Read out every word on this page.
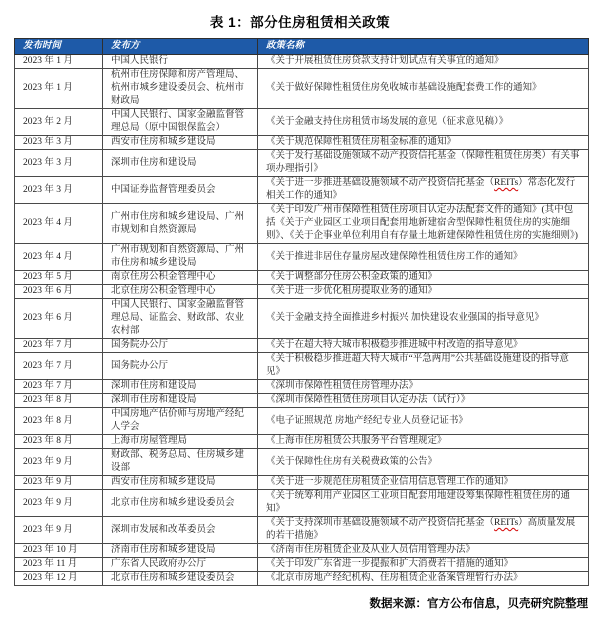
表 1：部分住房租赁相关政策
发布时间	发布方	政策名称
2023 年 1 月	中国人民银行	《关于开展租赁住房贷款支持计划试点有关事宜的通知》
2023 年 1 月	杭州市住房保障和房产管理局、杭州市城乡建设委员会、杭州市财政局	《关于做好保障性租赁住房免收城市基础设施配套费工作的通知》
2023 年 2 月	中国人民银行、国家金融监督管理总局（原中国银保监会）	《关于金融支持住房租赁市场发展的意见（征求意见稿）》
2023 年 3 月	西安市住房和城乡建设局	《关于规范保障性租赁住房租金标准的通知》
2023 年 3 月	深圳市住房和建设局	《关于发行基础设施领域不动产投资信托基金（保障性租赁住房类）有关事项办理指引》
2023 年 3 月	中国证券监督管理委员会	《关于进一步推进基础设施领域不动产投资信托基金（REITs）常态化发行相关工作的通知》
2023 年 4 月	广州市住房和城乡建设局、广州市规划和自然资源局	《关于印发广州市保障性租赁住房项目认定办法配套文件的通知》(其中包括《关于产业园区工业项目配套用地新建宿舍型保障性租赁住房的实施细则》、《关于企事业单位利用自有存量土地新建保障性租赁住房的实施细则》)
2023 年 4 月	广州市规划和自然资源局、广州市住房和城乡建设局	《关于推进非居住存量房屋改建保障性租赁住房工作的通知》
2023 年 5 月	南京住房公积金管理中心	《关于调整部分住房公积金政策的通知》
2023 年 6 月	北京住房公积金管理中心	《关于进一步优化租房提取业务的通知》
2023 年 6 月	中国人民银行、国家金融监督管理总局、证监会、财政部、农业农村部	《关于金融支持全面推进乡村振兴 加快建设农业强国的指导意见》
2023 年 7 月	国务院办公厅	《关于在超大特大城市积极稳步推进城中村改造的指导意见》
2023 年 7 月	国务院办公厅	《关于积极稳步推进超大特大城市“平急两用”公共基础设施建设的指导意见》
2023 年 7 月	深圳市住房和建设局	《深圳市保障性租赁住房管理办法》
2023 年 8 月	深圳市住房和建设局	《深圳市保障性租赁住房项目认定办法（试行）》
2023 年 8 月	中国房地产估价师与房地产经纪人学会	《电子证照规范 房地产经纪专业人员登记证书》
2023 年 8 月	上海市房屋管理局	《上海市住房租赁公共服务平台管理规定》
2023 年 9 月	财政部、税务总局、住房城乡建设部	《关于保障性住房有关税费政策的公告》
2023 年 9 月	西安市住房和城乡建设局	《关于进一步规范住房租赁企业信用信息管理工作的通知》
2023 年 9 月	北京市住房和城乡建设委员会	《关于统筹利用产业园区工业项目配套用地建设筹集保障性租赁住房的通知》
2023 年 9 月	深圳市发展和改革委员会	《关于支持深圳市基础设施领域不动产投资信托基金（REITs）高质量发展的若干措施》
2023 年 10 月	济南市住房和城乡建设局	《济南市住房租赁企业及从业人员信用管理办法》
2023 年 11 月	广东省人民政府办公厅	《关于印发广东省进一步提振和扩大消费若干措施的通知》
2023 年 12 月	北京市住房和城乡建设委员会	《北京市房地产经纪机构、住房租赁企业备案管理暂行办法》
数据来源：官方公布信息，贝壳研究院整理
